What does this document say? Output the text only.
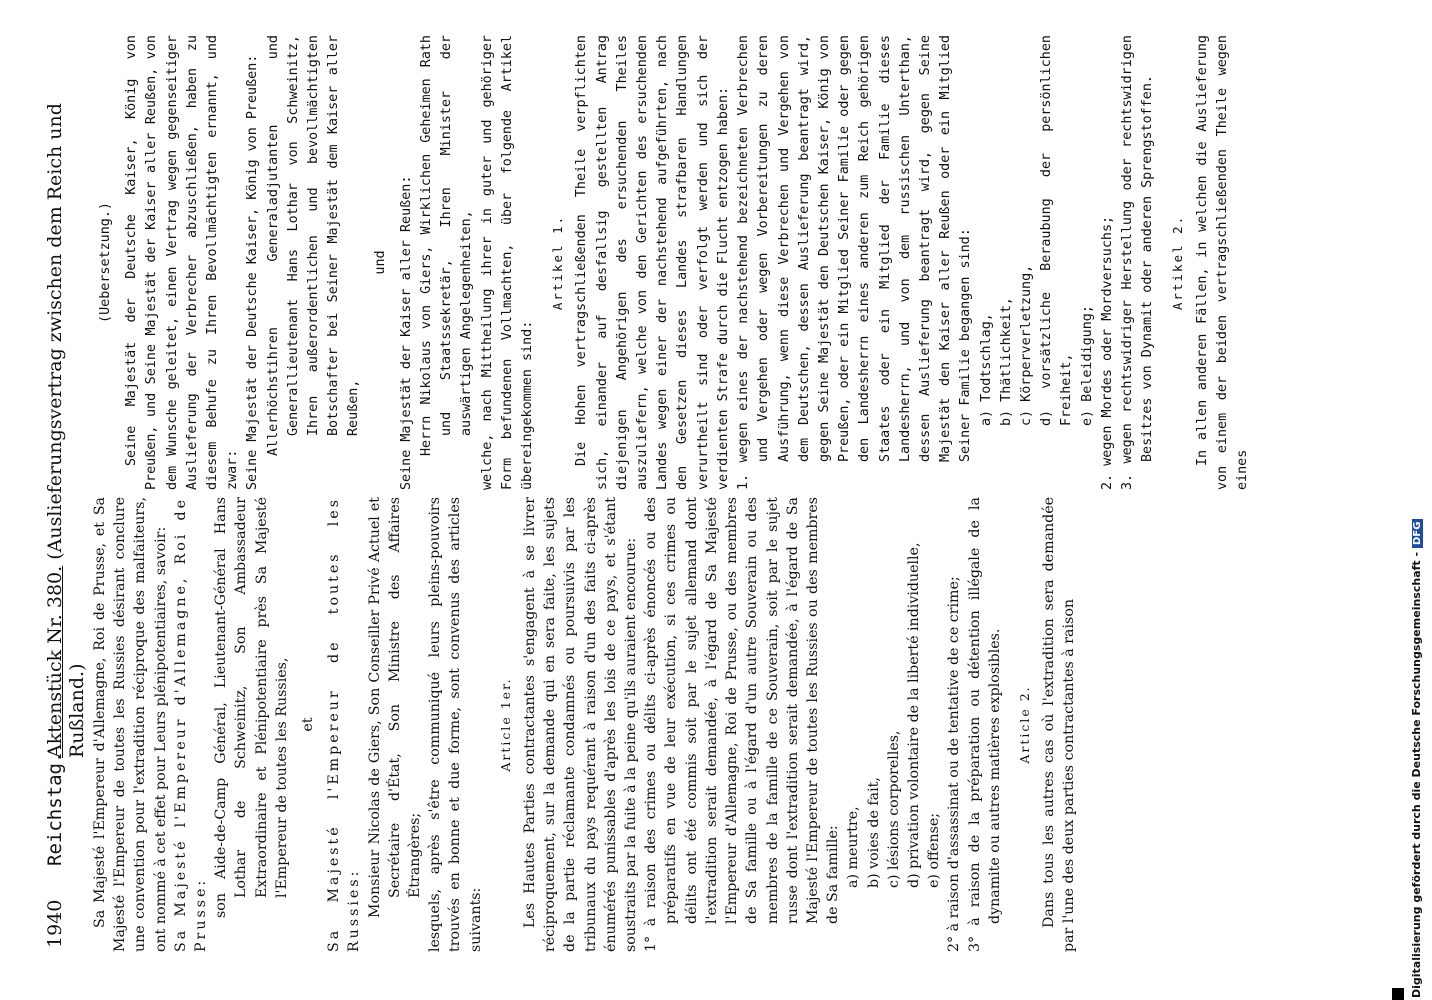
1940
Reichstag.
Aktenstück Nr. 380. (Auslieferungsvertrag zwischen dem Reich und Rußland.) Sa Majesté l'Empereur d'Allemagne, Roi de Prusse, et Sa Majesté l'Empereur de toutes les Russies désirant conclure une convention pour l'extradition réciproque des malfaiteurs, ont nommé à cet effet pour Leurs plénipotentiaires, savoir: Sa Majesté l'Empereur d'Allemagne, Roi de Prusse: son Aide-de-Camp Général, Lieutenant-Général Hans Lothar de Schweinitz, Son Ambassadeur Extraordinaire et Plénipotentiaire près Sa Majesté l'Empereur de toutes les Russies, et Sa Majesté l'Empereur de toutes les Russies: Monsieur Nicolas de Giers, Son Conseiller Privé Actuel et Secrétaire d'État, Son Ministre des Affaires Étrangères; lesquels, après s'être communiqué leurs pleins-pouvoirs trouvés en bonne et due forme, sont convenus des articles suivants:

Article 1er. Les Hautes Parties contractantes s'engagent à se livrer réciproquement, sur la demande qui en sera faite, les sujets de la partie réclamante condamnés ou poursuivis par les tribunaux du pays requérant à raison d'un des faits ci-après énumérés punissables d'après les lois de ce pays, et s'étant soustraits par la fuite à la peine qu'ils auraient encourue: 1° à raison des crimes ou délits ci-après énoncés ou des préparatifs en vue de leur exécution, si ces crimes ou délits ont été commis soit par le sujet allemand dont l'extradition serait demandée, à l'égard de Sa Majesté l'Empereur d'Allemagne, Roi de Prusse, ou des membres de Sa famille ou à l'égard d'un autre Souverain ou des membres de la famille de ce Souverain, soit par le sujet russe dont l'extradition serait demandée, à l'égard de Sa Majesté l'Empereur de toutes les Russies ou des membres de Sa famille: a) meurtre, b) voies de fait, c) lésions corporelles, d) privation volontaire de la liberté individuelle, e) offense; 2° à raison d'assassinat ou de tentative de ce crime; 3° à raison de la préparation ou détention illégale de la dynamite ou autres matières explosibles. Article 2. Dans tous les autres cas où l'extradition sera demandée par l'une des deux parties contractantes à raison

(Uebersetzung.) Seine Majestät der Deutsche Kaiser, König von Preußen, und Seine Majestät der Kaiser aller Reußen, von dem Wunsche geleitet, einen Vertrag wegen gegenseitiger Auslieferung der Verbrecher abzuschließen, haben zu diesem Behufe zu Ihren Bevollmächtigten ernannt, und zwar: Seine Majestät der Deutsche Kaiser, König von Preußen: Allerhöchstihren Generaladjutanten und Generallieutenant Hans Lothar von Schweinitz, Ihren außerordentlichen und bevollmächtigten Botschafter bei Seiner Majestät dem Kaiser aller Reußen,

und Seine Majestät der Kaiser aller Reußen: Herrn Nikolaus von Giers, Wirklichen Geheimen Rath und Staatssekretär, Ihren Minister der auswärtigen Angelegenheiten, welche, nach Mittheilung ihrer in guter und gehöriger Form befundenen Vollmachten, über folgende Artikel übereingekommen sind:

Artikel 1. Die Hohen vertragschließenden Theile verpflichten sich, einander auf desfallsig gestellten Antrag diejenigen Angehörigen des ersuchenden Theiles auszuliefern, welche von den Gerichten des ersuchenden Landes wegen einer der nachstehend aufgeführten, nach den Gesetzen dieses Landes strafbaren Handlungen verurtheilt sind oder verfolgt werden und sich der verdienten Strafe durch die Flucht entzogen haben: 1. wegen eines der nachstehend bezeichneten Verbrechen und Vergehen oder wegen Vorbereitungen zu deren Ausführung, wenn diese Verbrechen und Vergehen von dem Deutschen, dessen Auslieferung beantragt wird, gegen Seine Majestät den Deutschen Kaiser, König von Preußen, oder ein Mitglied Seiner Familie oder gegen den Landesherrn eines anderen zum Reich gehörigen Staates oder ein Mitglied der Familie dieses Landesherrn, und von dem russischen Unterthan, dessen Auslieferung beantragt wird, gegen Seine Majestät den Kaiser aller Reußen oder ein Mitglied Seiner Familie begangen sind: a) Todtschlag, b) Thätlichkeit, c) Körperverletzung, d) vorsätzliche Beraubung der persönlichen Freiheit, e) Beleidigung; 2. wegen Mordes oder Mordversuchs; 3. wegen rechtswidriger Herstellung oder rechtswidrigen Besitzes von Dynamit oder anderen Sprengstoffen. Artikel 2. In allen anderen Fällen, in welchen die Auslieferung von einem der beiden vertragschließenden Theile wegen eines

Digitalisierung gefördert durch die Deutsche Forschungsgemeinschaft -DFG
